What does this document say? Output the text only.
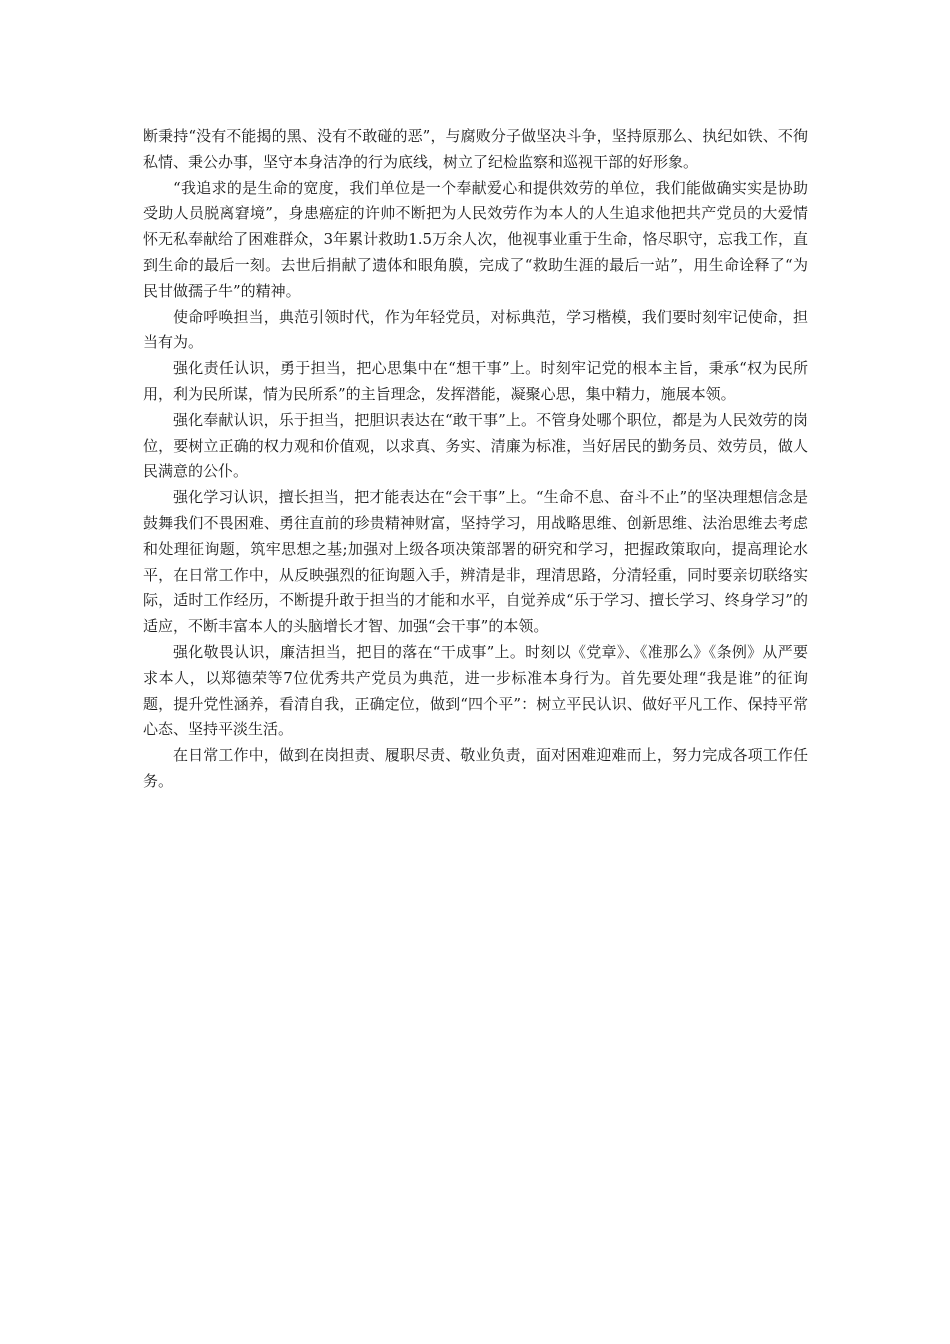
断秉持“没有不能揭的黑、没有不敢碰的恶”，与腐败分子做坚决斗争，坚持原那么、执纪如铁、不徇私情、秉公办事，坚守本身洁净的行为底线，树立了纪检监察和巡视干部的好形象。

“我追求的是生命的宽度，我们单位是一个奉献爱心和提供效劳的单位，我们能做确实实是协助受助人员脱离窘境”，身患癌症的许帅不断把为人民效劳作为本人的人生追求他把共产党员的大爱情怀无私奉献给了困难群众，3年累计救助1.5万余人次，他视事业重于生命，恪尽职守，忘我工作，直到生命的最后一刻。去世后捐献了遗体和眼角膜，完成了“救助生涯的最后一站”，用生命诠释了“为民甘做孺子牛”的精神。

使命呼唤担当，典范引领时代，作为年轻党员，对标典范，学习楷模，我们要时刻牢记使命，担当有为。

强化责任认识，勇于担当，把心思集中在“想干事”上。时刻牢记党的根本主旨，秉承“权为民所用，利为民所谋，情为民所系”的主旨理念，发挥潜能，凝聚心思，集中精力，施展本领。

强化奉献认识，乐于担当，把胆识表达在“敢干事”上。不管身处哪个职位，都是为人民效劳的岗位，要树立正确的权力观和价值观，以求真、务实、清廉为标准，当好居民的勤务员、效劳员，做人民满意的公仆。

强化学习认识，擅长担当，把才能表达在“会干事”上。“生命不息、奋斗不止”的坚决理想信念是鼓舞我们不畏困难、勇往直前的珍贵精神财富，坚持学习，用战略思维、创新思维、法治思维去考虑和处理征询题，筑牢思想之基;加强对上级各项决策部署的研究和学习，把握政策取向，提高理论水平，在日常工作中，从反映强烈的征询题入手，辨清是非，理清思路，分清轻重，同时要亲切联络实际，适时工作经历，不断提升敢于担当的才能和水平，自觉养成“乐于学习、擅长学习、终身学习”的适应，不断丰富本人的头脑增长才智、加强“会干事”的本领。

强化敬畏认识，廉洁担当，把目的落在“干成事”上。时刻以《党章》、《准那么》《条例》从严要求本人，以郑德荣等7位优秀共产党员为典范，进一步标准本身行为。首先要处理“我是谁”的征询题，提升党性涵养，看清自我，正确定位，做到“四个平”：树立平民认识、做好平凡工作、保持平常心态、坚持平淡生活。

在日常工作中，做到在岗担责、履职尽责、敬业负责，面对困难迎难而上，努力完成各项工作任务。
